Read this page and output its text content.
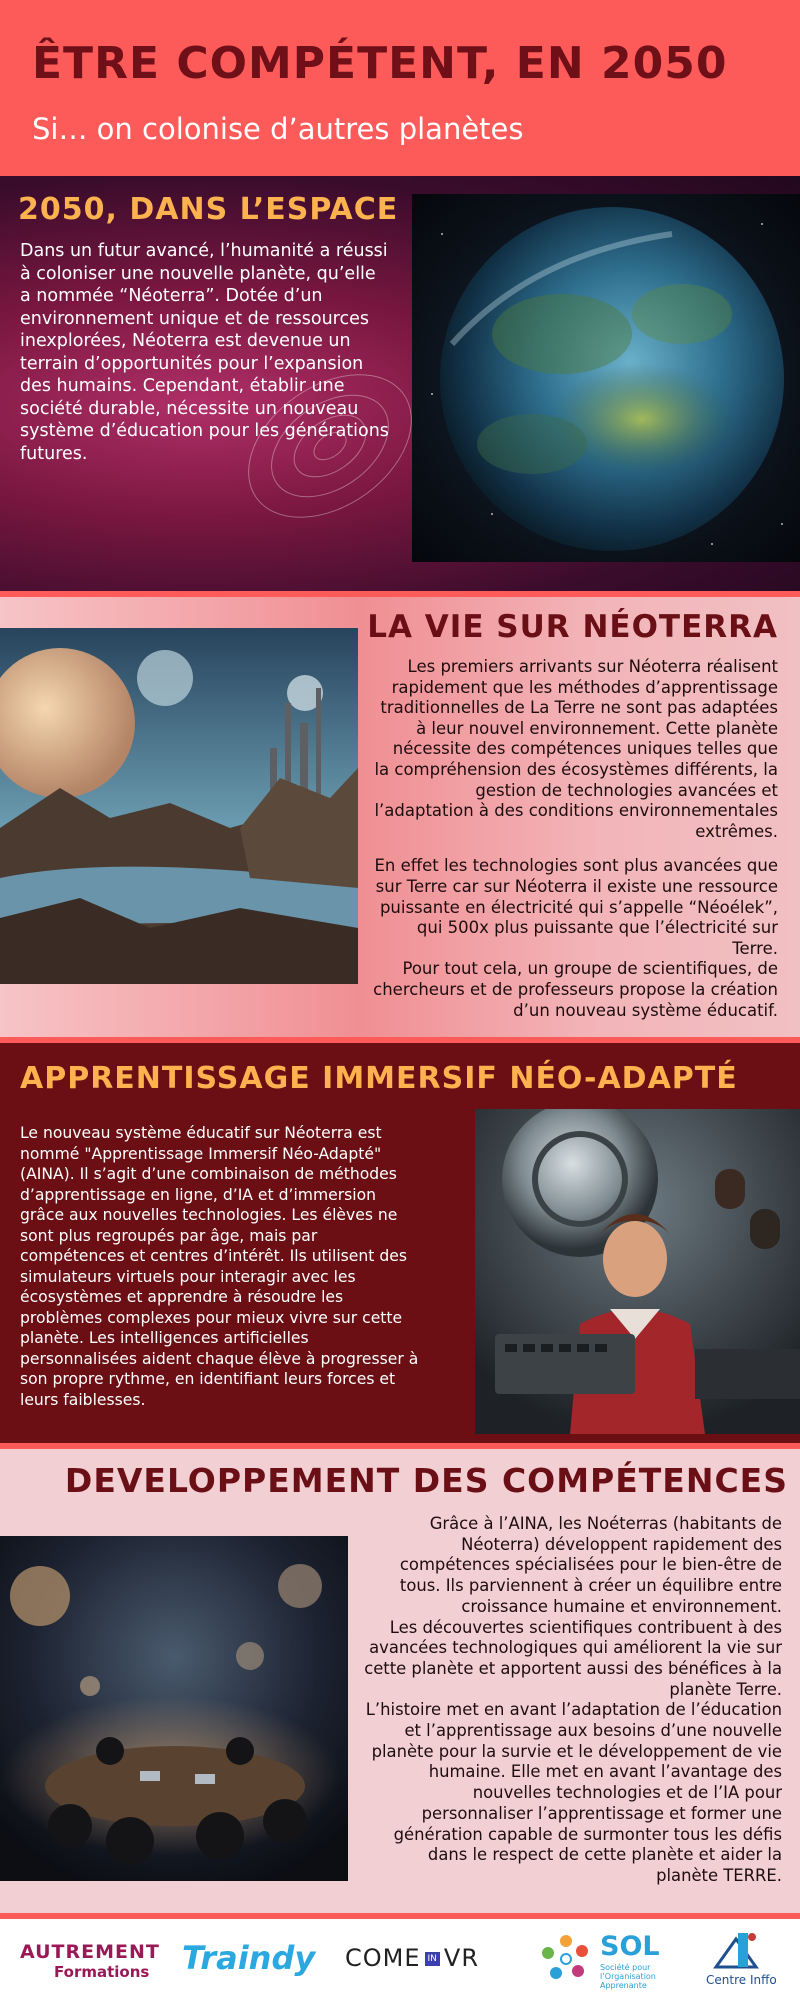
ÊTRE COMPÉTENT, EN 2050

Si… on colonise d’autres planètes

2050, DANS L’ESPACE
Dans un futur avancé, l’humanité a réussi à coloniser une nouvelle planète, qu’elle a nommée “Néoterra”. Dotée d’un environnement unique et de ressources inexplorées, Néoterra est devenue un terrain d’opportunités pour l’expansion des humains. Cependant, établir une société durable, nécessite un nouveau système d’éducation pour les générations futures.
LA VIE SUR NÉOTERRA
Les premiers arrivants sur Néoterra réalisent rapidement que les méthodes d’apprentissage traditionnelles de La Terre ne sont pas adaptées à leur nouvel environnement. Cette planète nécessite des compétences uniques telles que la compréhension des écosystèmes différents, la gestion de technologies avancées et l’adaptation à des conditions environnementales extrêmes.
En effet les technologies sont plus avancées que sur Terre car sur Néoterra il existe une ressource puissante en électricité qui s’appelle “Néoélek”, qui 500x plus puissante que l’électricité sur Terre.
Pour tout cela, un groupe de scientifiques, de chercheurs et de professeurs propose la création d’un nouveau système éducatif.
APPRENTISSAGE IMMERSIF NÉO-ADAPTÉ
Le nouveau système éducatif sur Néoterra est nommé "Apprentissage Immersif Néo-Adapté" (AINA). Il s’agit d’une combinaison de méthodes d’apprentissage en ligne, d’IA et d’immersion grâce aux nouvelles technologies. Les élèves ne sont plus regroupés par âge, mais par compétences et centres d’intérêt. Ils utilisent des simulateurs virtuels pour interagir avec les écosystèmes et apprendre à résoudre les problèmes complexes pour mieux vivre sur cette planète. Les intelligences artificielles personnalisées aident chaque élève à progresser à son propre rythme, en identifiant leurs forces et leurs faiblesses.
DEVELOPPEMENT DES COMPÉTENCES
Grâce à l’AINA, les Noéterras (habitants de Néoterra) développent rapidement des compétences spécialisées pour le bien-être de tous. Ils parviennent à créer un équilibre entre croissance humaine et environnement.
Les découvertes scientifiques contribuent à des avancées technologiques qui améliorent la vie sur cette planète et apportent aussi des bénéfices à la planète Terre.
L’histoire met en avant l’adaptation de l’éducation et l’apprentissage aux besoins d’une nouvelle planète pour la survie et le développement de vie humaine. Elle met en avant l’avantage des nouvelles technologies et de l’IA pour personnaliser l’apprentissage et former une génération capable de surmonter tous les défis dans le respect de cette planète et aider la planète TERRE.
AUTREMENT
Formations	Traindy COME IN VR	SOL
Société pour l’Organisation Apprenante	Centre Inffo
